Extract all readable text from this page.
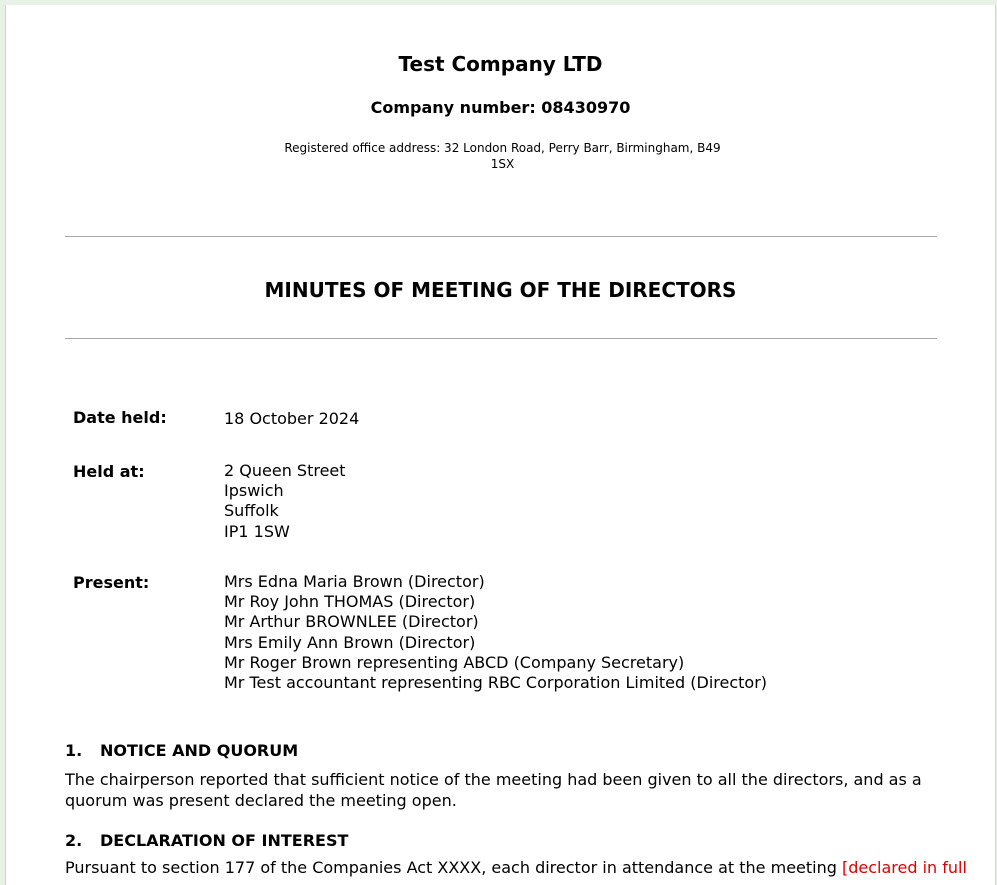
Test Company LTD
Company number: 08430970
Registered office address: 32 London Road, Perry Barr, Birmingham, B49 1SX
MINUTES OF MEETING OF THE DIRECTORS
Date held:	18 October 2024
Held at:	2 Queen Street
Ipswich
Suffolk
IP1 1SW
Present:	Mrs Edna Maria Brown (Director)
Mr Roy John THOMAS (Director)
Mr Arthur BROWNLEE (Director)
Mrs Emily Ann Brown (Director)
Mr Roger Brown representing ABCD (Company Secretary)
Mr Test accountant representing RBC Corporation Limited (Director)
1. NOTICE AND QUORUM
The chairperson reported that sufficient notice of the meeting had been given to all the directors, and as a quorum was present declared the meeting open.
2. DECLARATION OF INTEREST
Pursuant to section 177 of the Companies Act XXXX, each director in attendance at the meeting [declared in full
